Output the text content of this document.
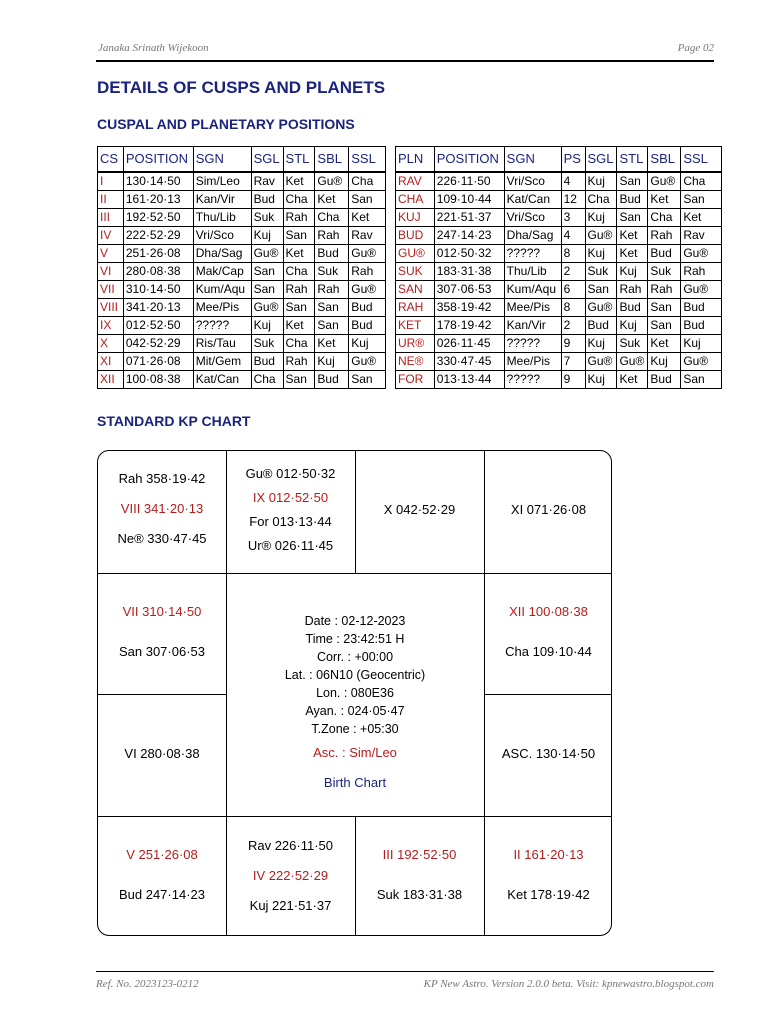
Janaka Srinath Wijekoon	Page 02
DETAILS OF CUSPS AND PLANETS
CUSPAL AND PLANETARY POSITIONS
CS	POSITION	SGN	SGL	STL	SBL	SSL
I	130·14·50	Sim/Leo	Rav	Ket	Gu®	Cha
II	161·20·13	Kan/Vir	Bud	Cha	Ket	San
III	192·52·50	Thu/Lib	Suk	Rah	Cha	Ket
IV	222·52·29	Vri/Sco	Kuj	San	Rah	Rav
V	251·26·08	Dha/Sag	Gu®	Ket	Bud	Gu®
VI	280·08·38	Mak/Cap	San	Cha	Suk	Rah
VII	310·14·50	Kum/Aqu	San	Rah	Rah	Gu®
VIII	341·20·13	Mee/Pis	Gu®	San	San	Bud
IX	012·52·50	?????	Kuj	Ket	San	Bud
X	042·52·29	Ris/Tau	Suk	Cha	Ket	Kuj
XI	071·26·08	Mit/Gem	Bud	Rah	Kuj	Gu®
XII	100·08·38	Kat/Can	Cha	San	Bud	San
PLN	POSITION	SGN	PS	SGL	STL	SBL	SSL
RAV	226·11·50	Vri/Sco	4	Kuj	San	Gu®	Cha
CHA	109·10·44	Kat/Can	12	Cha	Bud	Ket	San
KUJ	221·51·37	Vri/Sco	3	Kuj	San	Cha	Ket
BUD	247·14·23	Dha/Sag	4	Gu®	Ket	Rah	Rav
GU®	012·50·32	?????	8	Kuj	Ket	Bud	Gu®
SUK	183·31·38	Thu/Lib	2	Suk	Kuj	Suk	Rah
SAN	307·06·53	Kum/Aqu	6	San	Rah	Rah	Gu®
RAH	358·19·42	Mee/Pis	8	Gu®	Bud	San	Bud
KET	178·19·42	Kan/Vir	2	Bud	Kuj	San	Bud
UR®	026·11·45	?????	9	Kuj	Suk	Ket	Kuj
NE®	330·47·45	Mee/Pis	7	Gu®	Gu®	Kuj	Gu®
FOR	013·13·44	?????	9	Kuj	Ket	Bud	San
STANDARD KP CHART
Rah 358·19·42
VIII 341·20·13
Ne® 330·47·45
Gu® 012·50·32
IX 012·52·50
For 013·13·44
Ur® 026·11·45
X 042·52·29	XI 071·26·08
VII 310·14·50
San 307·06·53
XII 100·08·38
Cha 109·10·44
VI 280·08·38	ASC. 130·14·50
Date : 02-12-2023
Time : 23:42:51 H
Corr. : +00:00
Lat. : 06N10 (Geocentric)
Lon. : 080E36
Ayan. : 024·05·47
T.Zone : +05:30
Asc. : Sim/Leo
Birth Chart
V 251·26·08
Bud 247·14·23
Rav 226·11·50
IV 222·52·29
Kuj 221·51·37
III 192·52·50
Suk 183·31·38
II 161·20·13
Ket 178·19·42
Ref. No. 2023123-0212	KP New Astro. Version 2.0.0 beta. Visit: kpnewastro.blogspot.com
